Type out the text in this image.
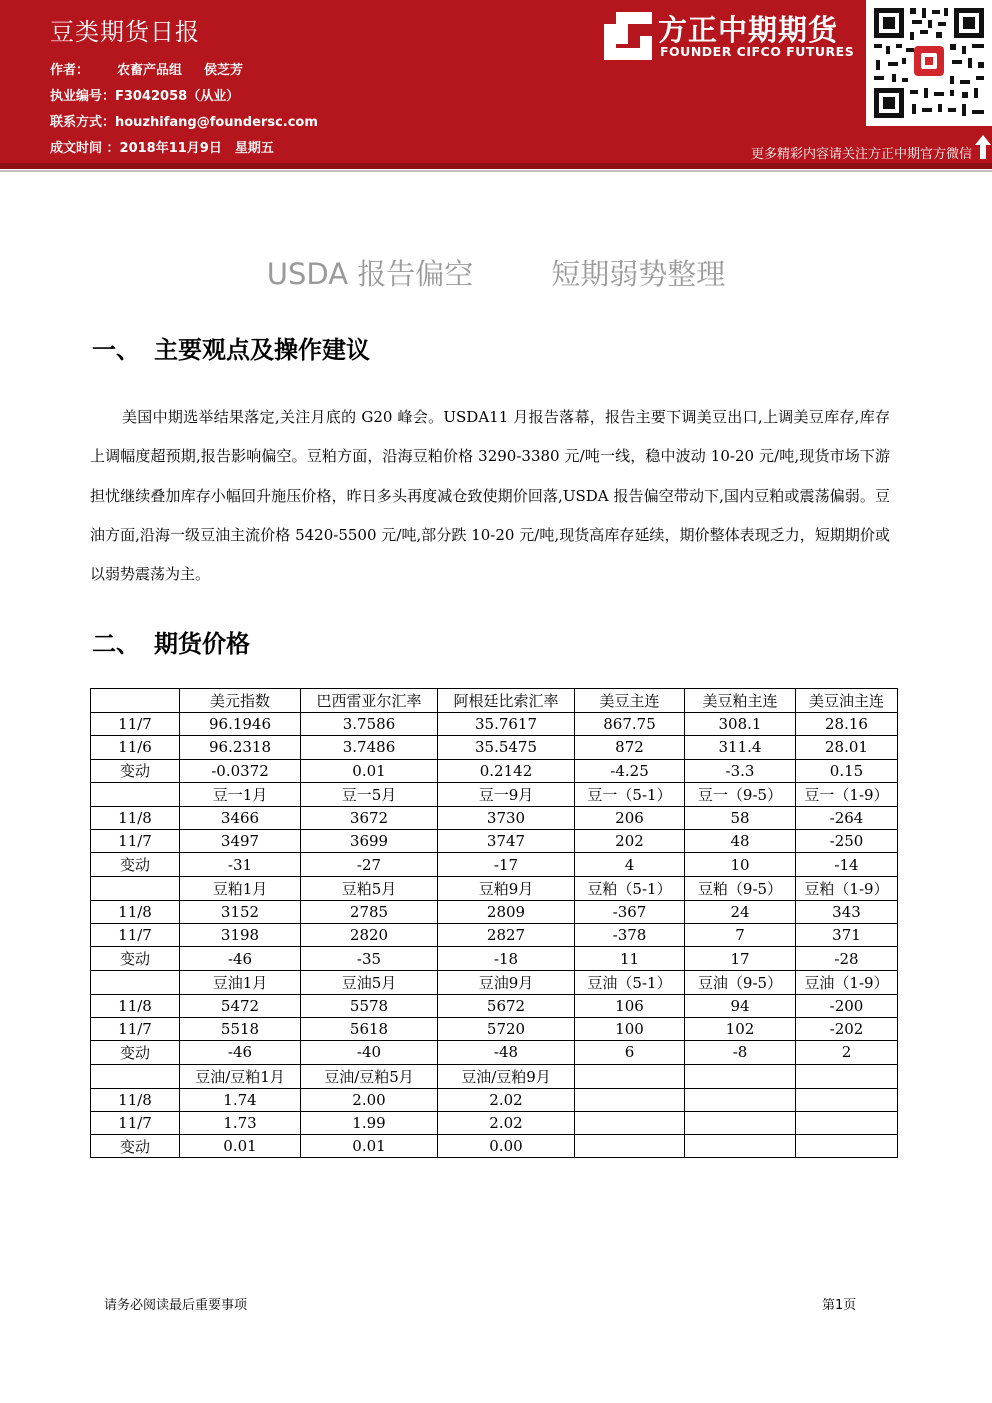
豆类期货日报
作者： 农畜产品组 侯芝芳
执业编号：F3042058（从业）
联系方式：houzhifang@foundersc.com
成文时间 ：2018年11月9日　星期五
方正中期期货
FOUNDER CIFCO FUTURES
更多精彩内容请关注方正中期官方微信
USDA 报告偏空	短期弱势整理
一、 主要观点及操作建议
美国中期选举结果落定,关注月底的 G20 峰会。USDA11 月报告落幕，报告主要下调美豆出口,上调美豆库存,库存上调幅度超预期,报告影响偏空。豆粕方面，沿海豆粕价格 3290-3380 元/吨一线，稳中波动 10-20 元/吨,现货市场下游担忧继续叠加库存小幅回升施压价格，昨日多头再度减仓致使期价回落,USDA 报告偏空带动下,国内豆粕或震荡偏弱。豆油方面,沿海一级豆油主流价格 5420-5500 元/吨,部分跌 10-20 元/吨,现货高库存延续，期价整体表现乏力，短期期价或以弱势震荡为主。
二、 期货价格
	美元指数	巴西雷亚尔汇率	阿根廷比索汇率	美豆主连	美豆粕主连	美豆油主连
11/7	96.1946	3.7586	35.7617	867.75	308.1	28.16
11/6	96.2318	3.7486	35.5475	872	311.4	28.01
变动	-0.0372	0.01	0.2142	-4.25	-3.3	0.15
	豆一1月	豆一5月	豆一9月	豆一（5-1）	豆一（9-5）	豆一（1-9）
11/8	3466	3672	3730	206	58	-264
11/7	3497	3699	3747	202	48	-250
变动	-31	-27	-17	4	10	-14
	豆粕1月	豆粕5月	豆粕9月	豆粕（5-1）	豆粕（9-5）	豆粕（1-9）
11/8	3152	2785	2809	-367	24	343
11/7	3198	2820	2827	-378	7	371
变动	-46	-35	-18	11	17	-28
	豆油1月	豆油5月	豆油9月	豆油（5-1）	豆油（9-5）	豆油（1-9）
11/8	5472	5578	5672	106	94	-200
11/7	5518	5618	5720	100	102	-202
变动	-46	-40	-48	6	-8	2
	豆油/豆粕1月	豆油/豆粕5月	豆油/豆粕9月			
11/8	1.74	2.00	2.02			
11/7	1.73	1.99	2.02			
变动	0.01	0.01	0.00			
请务必阅读最后重要事项	第1页
